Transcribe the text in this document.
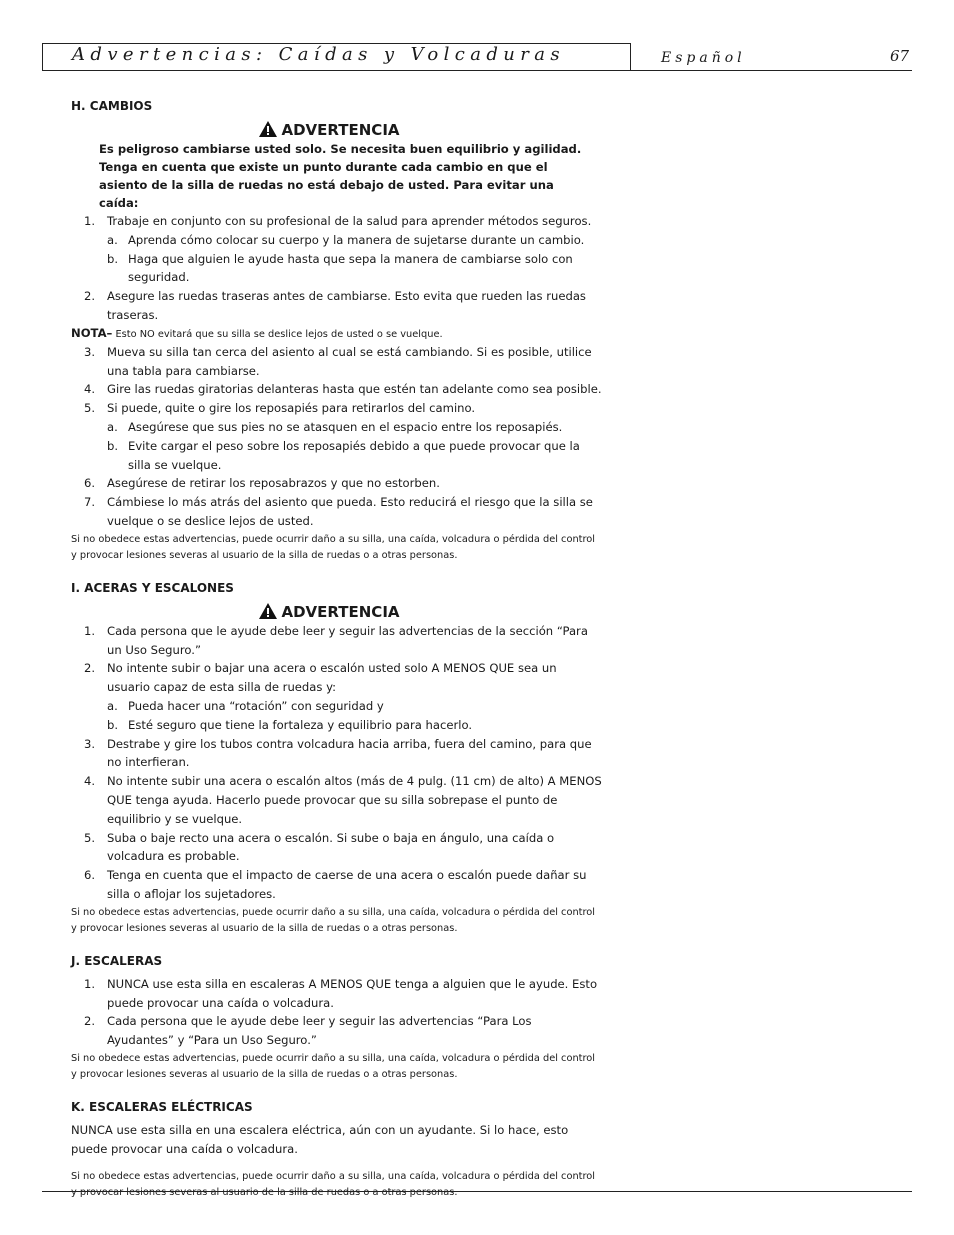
Advertencias: Caídas y Volcaduras	Español	67
H. CAMBIOS
ADVERTENCIA
Es peligroso cambiarse usted solo. Se necesita buen equilibrio y agilidad. Tenga en cuenta que existe un punto durante cada cambio en que el asiento de la silla de ruedas no está debajo de usted. Para evitar una caída:
1. Trabaje en conjunto con su profesional de la salud para aprender métodos seguros.
a. Aprenda cómo colocar su cuerpo y la manera de sujetarse durante un cambio.
b. Haga que alguien le ayude hasta que sepa la manera de cambiarse solo con seguridad.
2. Asegure las ruedas traseras antes de cambiarse. Esto evita que rueden las ruedas traseras.
NOTA– Esto NO evitará que su silla se deslice lejos de usted o se vuelque.
3. Mueva su silla tan cerca del asiento al cual se está cambiando. Si es posible, utilice una tabla para cambiarse.
4. Gire las ruedas giratorias delanteras hasta que estén tan adelante como sea posible.
5. Si puede, quite o gire los reposapiés para retirarlos del camino.
a. Asegúrese que sus pies no se atasquen en el espacio entre los reposapiés.
b. Evite cargar el peso sobre los reposapiés debido a que puede provocar que la silla se vuelque.
6. Asegúrese de retirar los reposabrazos y que no estorben.
7. Cámbiese lo más atrás del asiento que pueda. Esto reducirá el riesgo que la silla se vuelque o se deslice lejos de usted.
Si no obedece estas advertencias, puede ocurrir daño a su silla, una caída, volcadura o pérdida del control y provocar lesiones severas al usuario de la silla de ruedas o a otras personas.
I. ACERAS Y ESCALONES
ADVERTENCIA
1. Cada persona que le ayude debe leer y seguir las advertencias de la sección “Para un Uso Seguro.”
2. No intente subir o bajar una acera o escalón usted solo A MENOS QUE sea un usuario capaz de esta silla de ruedas y:
a. Pueda hacer una “rotación” con seguridad y
b. Esté seguro que tiene la fortaleza y equilibrio para hacerlo.
3. Destrabe y gire los tubos contra volcadura hacia arriba, fuera del camino, para que no interfieran.
4. No intente subir una acera o escalón altos (más de 4 pulg. (11 cm) de alto) A MENOS QUE tenga ayuda. Hacerlo puede provocar que su silla sobrepase el punto de equilibrio y se vuelque.
5. Suba o baje recto una acera o escalón. Si sube o baja en ángulo, una caída o volcadura es probable.
6. Tenga en cuenta que el impacto de caerse de una acera o escalón puede dañar su silla o aflojar los sujetadores.
Si no obedece estas advertencias, puede ocurrir daño a su silla, una caída, volcadura o pérdida del control y provocar lesiones severas al usuario de la silla de ruedas o a otras personas.
J. ESCALERAS
1. NUNCA use esta silla en escaleras A MENOS QUE tenga a alguien que le ayude. Esto puede provocar una caída o volcadura.
2. Cada persona que le ayude debe leer y seguir las advertencias “Para Los Ayudantes” y “Para un Uso Seguro.”
Si no obedece estas advertencias, puede ocurrir daño a su silla, una caída, volcadura o pérdida del control y provocar lesiones severas al usuario de la silla de ruedas o a otras personas.
K. ESCALERAS ELÉCTRICAS
NUNCA use esta silla en una escalera eléctrica, aún con un ayudante. Si lo hace, esto puede provocar una caída o volcadura.
Si no obedece estas advertencias, puede ocurrir daño a su silla, una caída, volcadura o pérdida del control y provocar lesiones severas al usuario de la silla de ruedas o a otras personas.
